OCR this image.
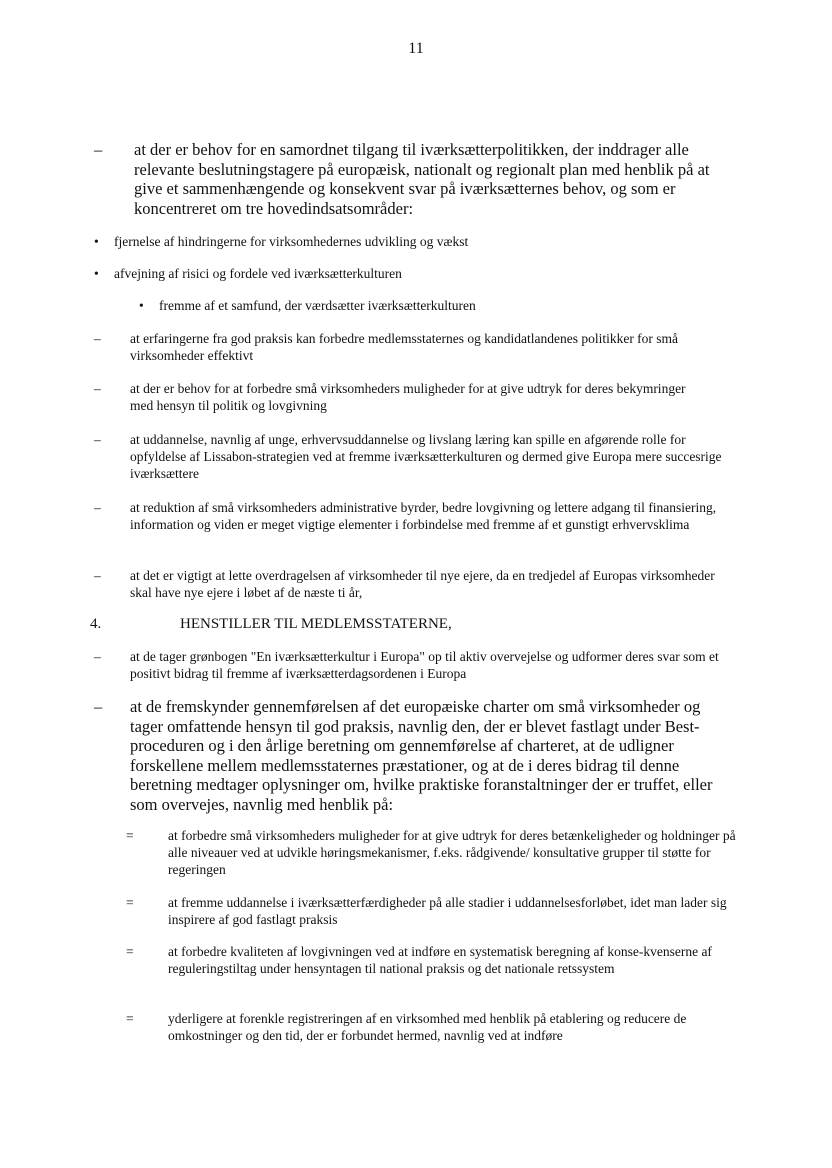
11
– at der er behov for en samordnet tilgang til iværksætterpolitikken, der inddrager alle relevante beslutningstagere på europæisk, nationalt og regionalt plan med henblik på at give et sammenhængende og konsekvent svar på iværksætternes behov, og som er koncentreret om tre hovedindsatsområder:
• fjernelse af hindringerne for virksomhedernes udvikling og vækst
• afvejning af risici og fordele ved iværksætterkulturen
• fremme af et samfund, der værdsætter iværksætterkulturen
– at erfaringerne fra god praksis kan forbedre medlemsstaternes og kandidatlandenes politikker for små virksomheder effektivt
– at der er behov for at forbedre små virksomheders muligheder for at give udtryk for deres bekymringer med hensyn til politik og lovgivning
– at uddannelse, navnlig af unge, erhvervsuddannelse og livslang læring kan spille en afgørende rolle for opfyldelse af Lissabon-strategien ved at fremme iværksætterkulturen og dermed give Europa mere succesrige iværksættere
– at reduktion af små virksomheders administrative byrder, bedre lovgivning og lettere adgang til finansiering, information og viden er meget vigtige elementer i forbindelse med fremme af et gunstigt erhvervsklima
– at det er vigtigt at lette overdragelsen af virksomheder til nye ejere, da en tredjedel af Europas virksomheder skal have nye ejere i løbet af de næste ti år,
4.	HENSTILLER TIL MEDLEMSSTATERNE,
– at de tager grønbogen "En iværksætterkultur i Europa" op til aktiv overvejelse og udformer deres svar som et positivt bidrag til fremme af iværksætterdagsordenen i Europa
– at de fremskynder gennemførelsen af det europæiske charter om små virksomheder og tager omfattende hensyn til god praksis, navnlig den, der er blevet fastlagt under Best-proceduren og i den årlige beretning om gennemførelse af charteret, at de udligner forskellene mellem medlemsstaternes præstationer, og at de i deres bidrag til denne beretning medtager oplysninger om, hvilke praktiske foranstaltninger der er truffet, eller som overvejes, navnlig med henblik på:
=	at forbedre små virksomheders muligheder for at give udtryk for deres betænkeligheder og holdninger på alle niveauer ved at udvikle høringsmekanismer, f.eks. rådgivende/ konsultative grupper til støtte for regeringen
=	at fremme uddannelse i iværksætterfærdigheder på alle stadier i uddannelsesforløbet, idet man lader sig inspirere af god fastlagt praksis
=	at forbedre kvaliteten af lovgivningen ved at indføre en systematisk beregning af konse-kvenserne af reguleringstiltag under hensyntagen til national praksis og det nationale retssystem
=	yderligere at forenkle registreringen af en virksomhed med henblik på etablering og reducere de omkostninger og den tid, der er forbundet hermed, navnlig ved at indføre
